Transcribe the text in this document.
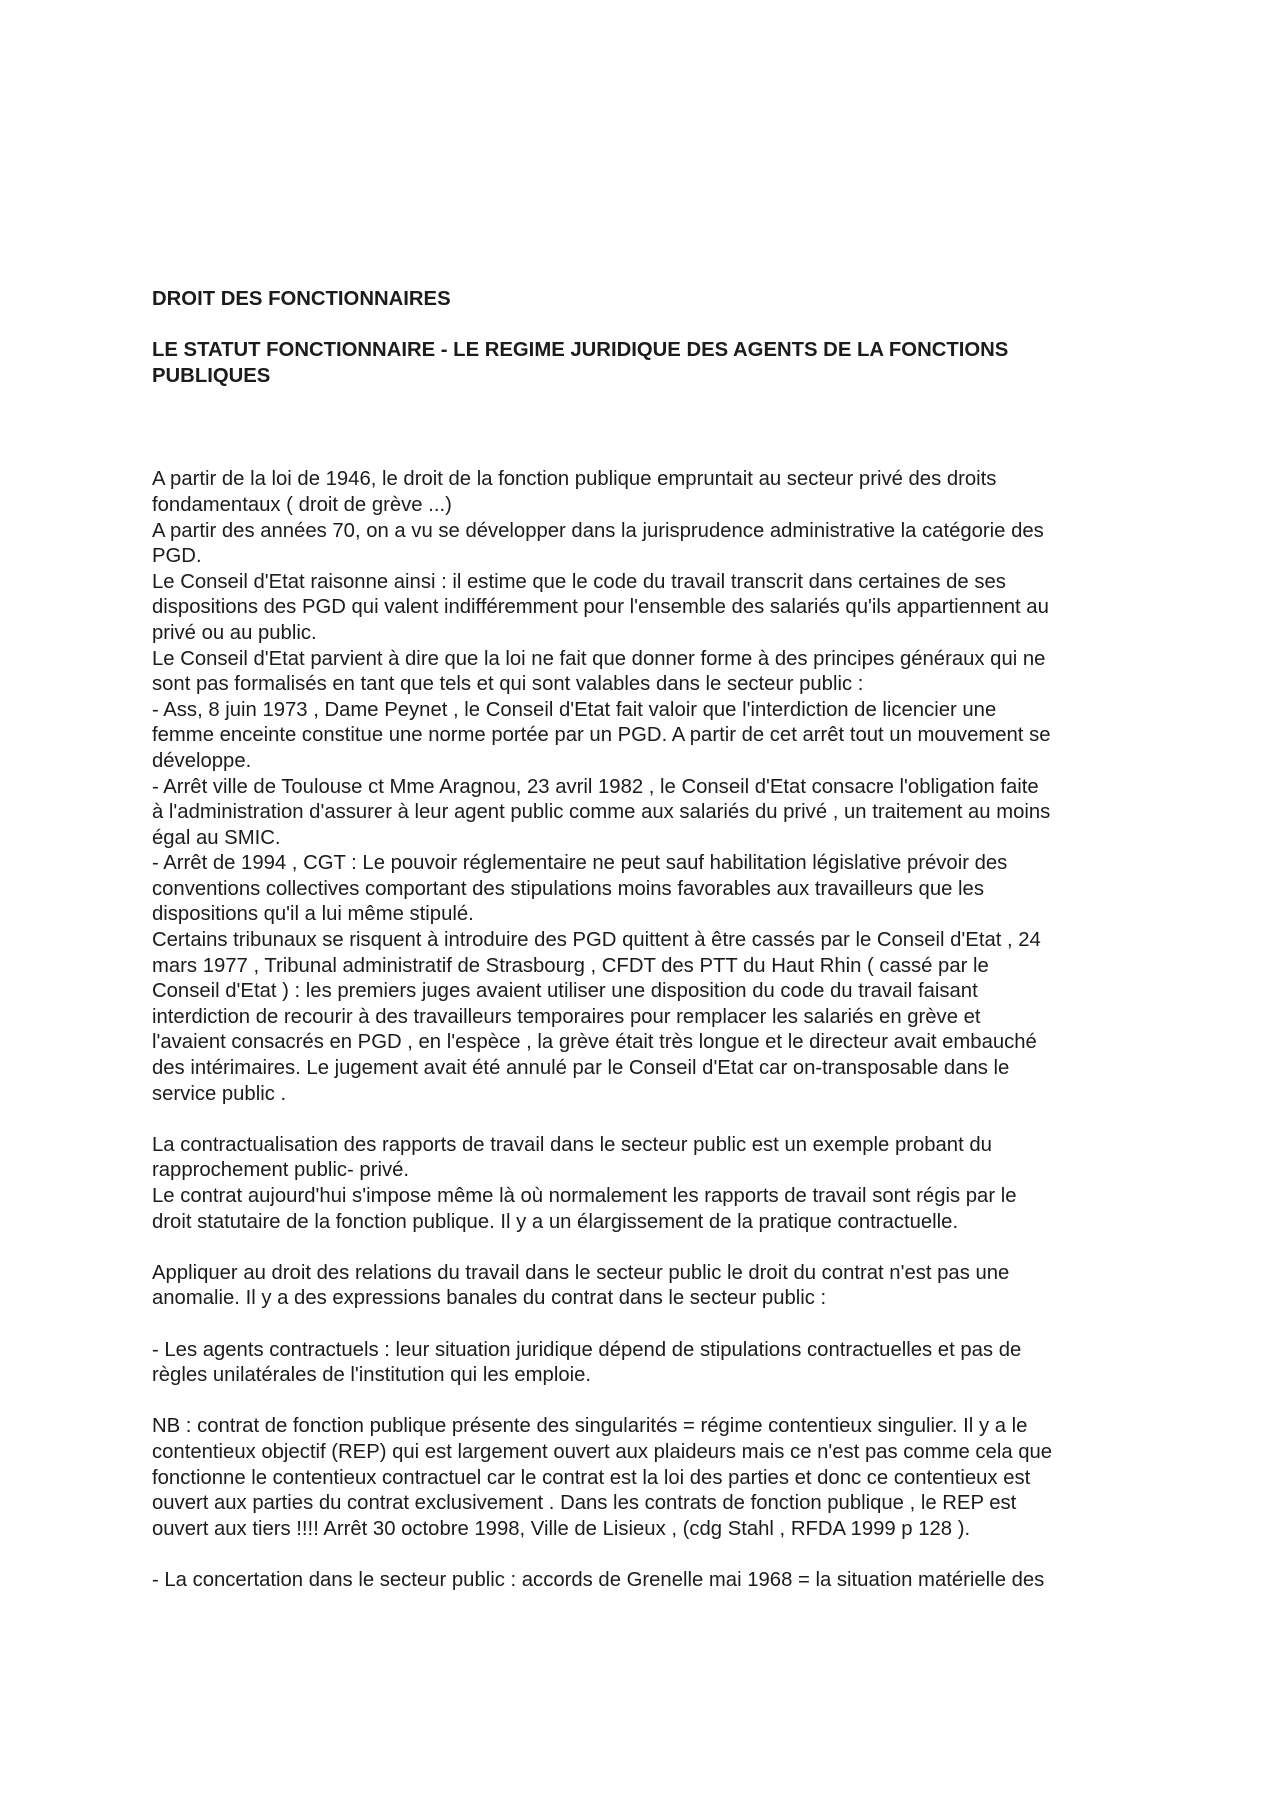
DROIT DES FONCTIONNAIRES

LE STATUT FONCTIONNAIRE - LE REGIME JURIDIQUE DES AGENTS DE LA FONCTIONS
PUBLIQUES
A partir de la loi de 1946, le droit de la fonction publique empruntait au secteur privé des droits
fondamentaux ( droit de grève ...)
A partir des années 70, on a vu se développer dans la jurisprudence administrative la catégorie des
PGD.
Le Conseil d'Etat raisonne ainsi : il estime que le code du travail transcrit dans certaines de ses
dispositions des PGD qui valent indifféremment pour l'ensemble des salariés qu'ils appartiennent au
privé ou au public.
Le Conseil d'Etat parvient à dire que la loi ne fait que donner forme à des principes généraux qui ne
sont pas formalisés en tant que tels et qui sont valables dans le secteur public :
- Ass, 8 juin 1973 , Dame Peynet , le Conseil d'Etat fait valoir que l'interdiction de licencier une
femme enceinte constitue une norme portée par un PGD. A partir de cet arrêt tout un mouvement se
développe.
- Arrêt ville de Toulouse ct Mme Aragnou, 23 avril 1982 , le Conseil d'Etat consacre l'obligation faite
à l'administration d'assurer à leur agent public comme aux salariés du privé , un traitement au moins
égal au SMIC.
- Arrêt de 1994 , CGT : Le pouvoir réglementaire ne peut sauf habilitation législative prévoir des
conventions collectives comportant des stipulations moins favorables aux travailleurs que les
dispositions qu'il a lui même stipulé.
Certains tribunaux se risquent à introduire des PGD quittent à être cassés par le Conseil d'Etat , 24
mars 1977 , Tribunal administratif de Strasbourg , CFDT des PTT du Haut Rhin ( cassé par le
Conseil d'Etat ) : les premiers juges avaient utiliser une disposition du code du travail faisant
interdiction de recourir à des travailleurs temporaires pour remplacer les salariés en grève et
l'avaient consacrés en PGD , en l'espèce , la grève était très longue et le directeur avait embauché
des intérimaires. Le jugement avait été annulé par le Conseil d'Etat car on-transposable dans le
service public .
La contractualisation des rapports de travail dans le secteur public est un exemple probant du
rapprochement public- privé.
Le contrat aujourd'hui s'impose même là où normalement les rapports de travail sont régis par le
droit statutaire de la fonction publique. Il y a un élargissement de la pratique contractuelle.
Appliquer au droit des relations du travail dans le secteur public le droit du contrat n'est pas une
anomalie. Il y a des expressions banales du contrat dans le secteur public :
- Les agents contractuels : leur situation juridique dépend de stipulations contractuelles et pas de
règles unilatérales de l'institution qui les emploie.
NB : contrat de fonction publique présente des singularités = régime contentieux singulier. Il y a le
contentieux objectif (REP) qui est largement ouvert aux plaideurs mais ce n'est pas comme cela que
fonctionne le contentieux contractuel car le contrat est la loi des parties et donc ce contentieux est
ouvert aux parties du contrat exclusivement . Dans les contrats de fonction publique , le REP est
ouvert aux tiers !!!! Arrêt 30 octobre 1998, Ville de Lisieux , (cdg Stahl , RFDA 1999 p 128 ).
- La concertation dans le secteur public : accords de Grenelle mai 1968 = la situation matérielle des
